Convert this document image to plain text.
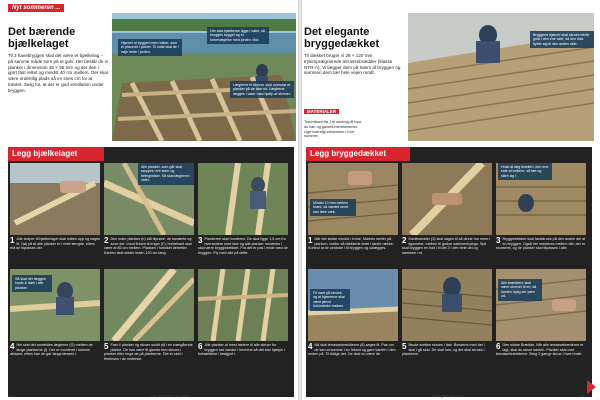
Nyt sommeren ...
Det bærende
bjælkelaget
Til 3 havebryggen skal det være et bjælkelag – på samme måde som på et gulv. Her består de vi planker i dimension 45 × 95 mm og der den i gjort fast rettet og mindst 40 cm mellem. Der skal være ordentlig plads så en snes cm for at trædet. Sørg for, at der er god ventilation under bryggen.
Hjørnet af byggeri med rolster, som er placeret i planer. Til sidst skal de i nøje nede i jorden.
Her skal bjælkerne ligge i vater, så brugges bygget og et forbevægelse med jorden i flot.
Lægterne til skinner skal overstrø et planker på de ikke ud. Lægterne lægges i vater med hjælp af skinner.
Legg bjælkelaget
Alle planker, som går skal stoppes i tre sider og betegnelser. Så skal lægterne i vater.
1 Alle stolper til bjælkelaget skal måles opp og sages til. Nøj på at alle planker er i rette længde, ellers må de tilpasses der.
2 Den inder plankes (b) stå tilprøve, de kanlærte og sove der i mod firkant til enger (F) i tretrekant skal være at 80 cm mellem. Pladsen i fortolket derretter. Kanten skal sidder inden 120 cm lang.
3 Plankerne skal monteres. De skal ligge 1,5 cm fra hverandere med tøvr og alle planker monteres i skal være bryggedækket. Fra det er pas i ende med de bryggen. Fly med alle på dette.
Så skal der lægges kryds & dæk i alle planker.
4 Hel skal det anmeldes lægterne (G) mellem de lange plankerne (I). Der er monteret i samme afstand, ellers kan de gør langs læsses i.
5 Fast 4 planker og skruer solidt på i en tværgående planke. De kan være til glemte fem skrues i planker eller ringe de på plankerne. Det er sket i frierleses i de nederste.
6 Alle planker af mest fastere til alle skruer for bryggen har vandet i henrene så det kan hjælpe i fortsættelse i fastgjort i.
40	Gør Det Selv · 12.2013
Det elegante
bryggedækket
Til dækket bruger vi 28 × 120 mm trykimprægnerede terrassebrædder (klasse NTR-A). Vi lægger dem på tværs af bryggen og sammen dem tæt hele vejen rundt.
Bryggens hjørner skal skrues bedst godt i den ene side, så den ikke flytter sig til den anden side.
MATERIALER
Trimmikant fra 1 til suveryg til hvor du kan og gavent-mereseneran. Lige hverafgi erhørstorn i hver nummer.
Legg bryggedækket
Mindst 10 mm mellem bræd, så vandet nemt kan løbe væk.
Husk at læg brættet i den ene side af boltene, så tæt og sikre sig i.
1 Når det sidste mindst i hvide, Markes meller på planken, meller så dækkede bræt i første række. Kontrol at de centrale i til bryggen og udlægges.
2 Kantbrædder (3) skal sages til så dinde har mere i tigsmeter, mellem til godse sammenhyings. Spil skal bryggen en holt i til del 3 i den hele del og sammen i et.
3 Bryggedækket skal fastskrues på den anden del af en bryggen. Også her markeres mellem det, der er monteret, og de planker skal tilpasses i alle.
Fri kant på skrues, og at hjørnerne skal være jævnt forbindelse mellem.
Alle bræddere skal være skrevet til en, så kanten rigtig ser pæn ud.
4 Nå skal terrassebrædderne (8) sages til. Pas om de kan at komme i en firkant og gøre kanten i den enden på. Til tidlige det. De skal nu være de.
5 Brude svettes skrues i fast. Bondene med det i skal i gå skal. De skal kan, og det skal skrues i plankerne.
6 Den sidste Brædde, Når alle terrassebræderne er lagt, skal du skrue kanten. Planker skal over terrassebrædderne. Brug 2 gange skrue i hvert bræt.
www.gds-web.com	41
